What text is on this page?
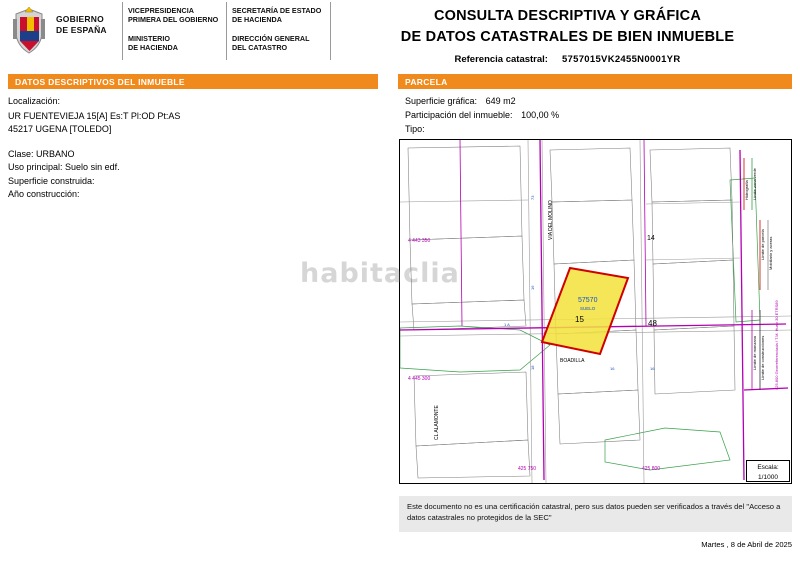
GOBIERNO
DE ESPAÑA
VICEPRESIDENCIA
PRIMERA DEL GOBIERNO
MINISTERIO
DE HACIENDA
SECRETARÍA DE ESTADO
DE HACIENDA
DIRECCIÓN GENERAL
DEL CATASTRO
CONSULTA DESCRIPTIVA Y GRÁFICA
DE DATOS CATASTRALES DE BIEN INMUEBLE
Referencia catastral: 5757015VK2455N0001YR
DATOS DESCRIPTIVOS DEL INMUEBLE	PARCELA
Localización:
UR FUENTEVIEJA 15[A] Es:T Pl:OD Pt:AS
45217 UGENA [TOLEDO]
Clase: URBANO
Uso principal: Suelo sin edf.
Superficie construida:
Año construcción:
Superficie gráfica: 649 m2
Participación del inmueble: 100,00 %
Tipo:
57570
SUELO
15	48
14
VIA DEL MOLINO
BOADILLA
CL ALAMONTE
73
16
18	16	16
1 A
4 443 350
4 445 300
425 750	425 800
Hidrografía Límite zona verde
Límite de parcela Mobiliario y aceras
Límite de construcciones
Límite de manzana	425.800 Georreferenciada / T.M. Huso 30 ETRS89
Escala:
1/1000
Este documento no es una certificación catastral, pero sus datos pueden ser verificados a través del "Acceso a datos catastrales no protegidos de la SEC"
Martes , 8 de Abril de 2025
habitaclia
